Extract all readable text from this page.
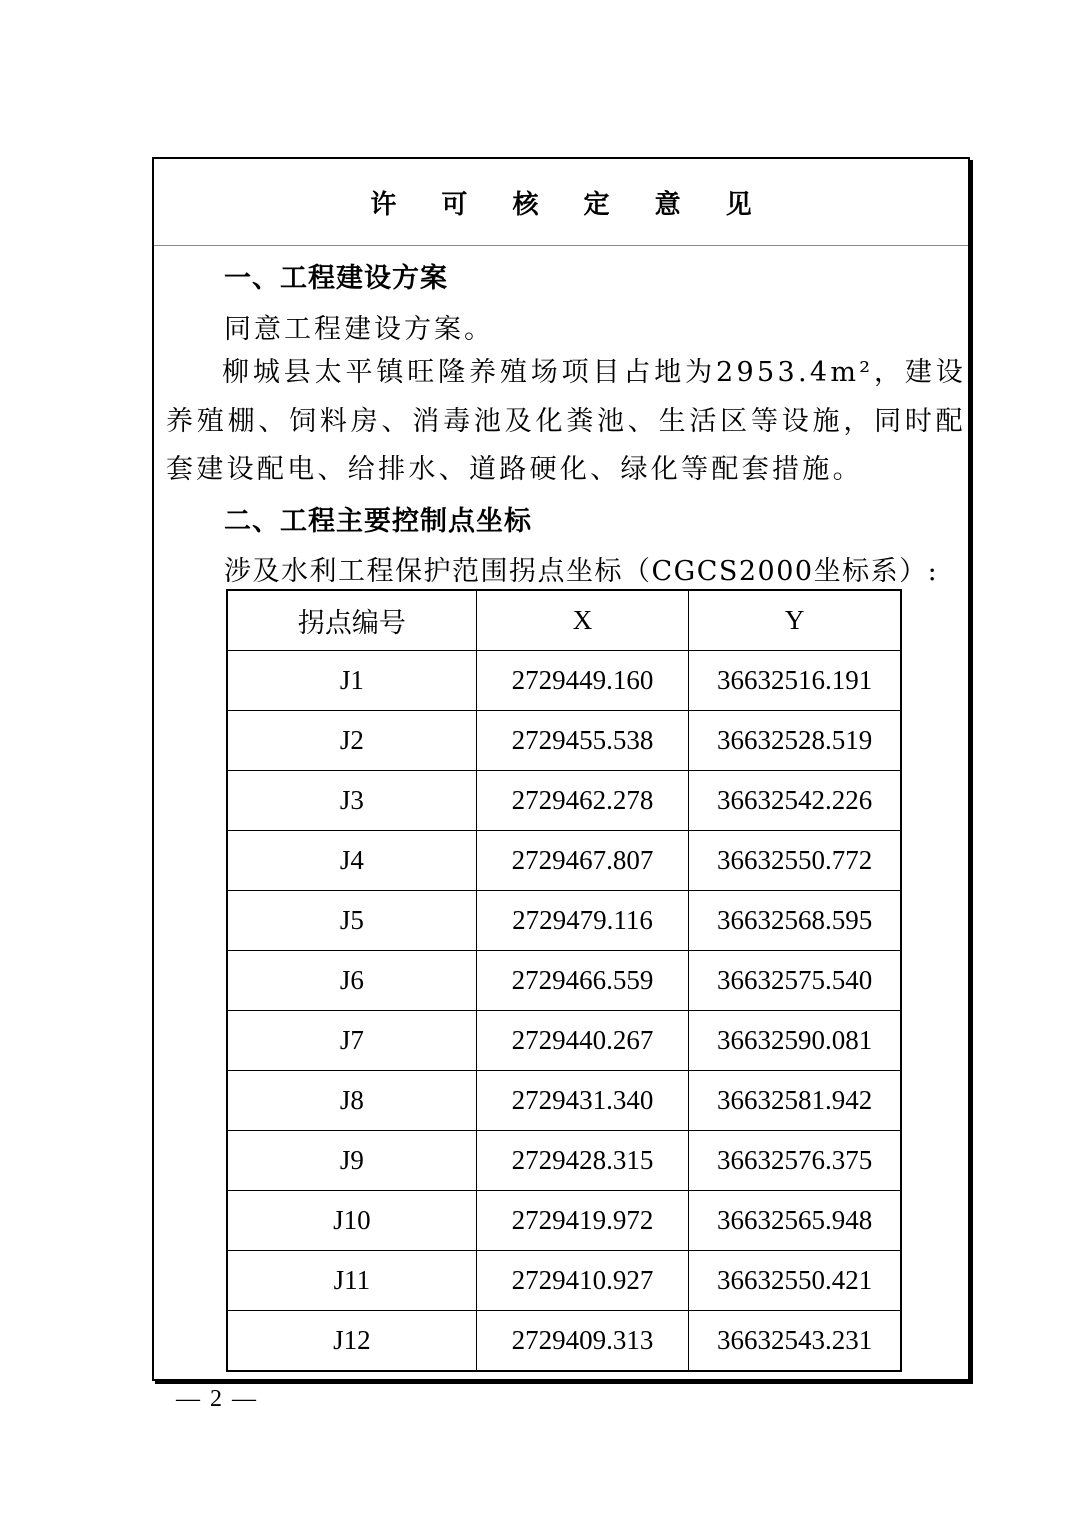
许 可 核 定 意 见
一、工程建设方案
同意工程建设方案。
柳城县太平镇旺隆养殖场项目占地为2953.4m²，建设养殖棚、饲料房、消毒池及化粪池、生活区等设施，同时配套建设配电、给排水、道路硬化、绿化等配套措施。
二、工程主要控制点坐标
涉及水利工程保护范围拐点坐标（CGCS2000坐标系）:
拐点编号	X	Y
J1	2729449.160	36632516.191
J2	2729455.538	36632528.519
J3	2729462.278	36632542.226
J4	2729467.807	36632550.772
J5	2729479.116	36632568.595
J6	2729466.559	36632575.540
J7	2729440.267	36632590.081
J8	2729431.340	36632581.942
J9	2729428.315	36632576.375
J10	2729419.972	36632565.948
J11	2729410.927	36632550.421
J12	2729409.313	36632543.231
— 2 —
